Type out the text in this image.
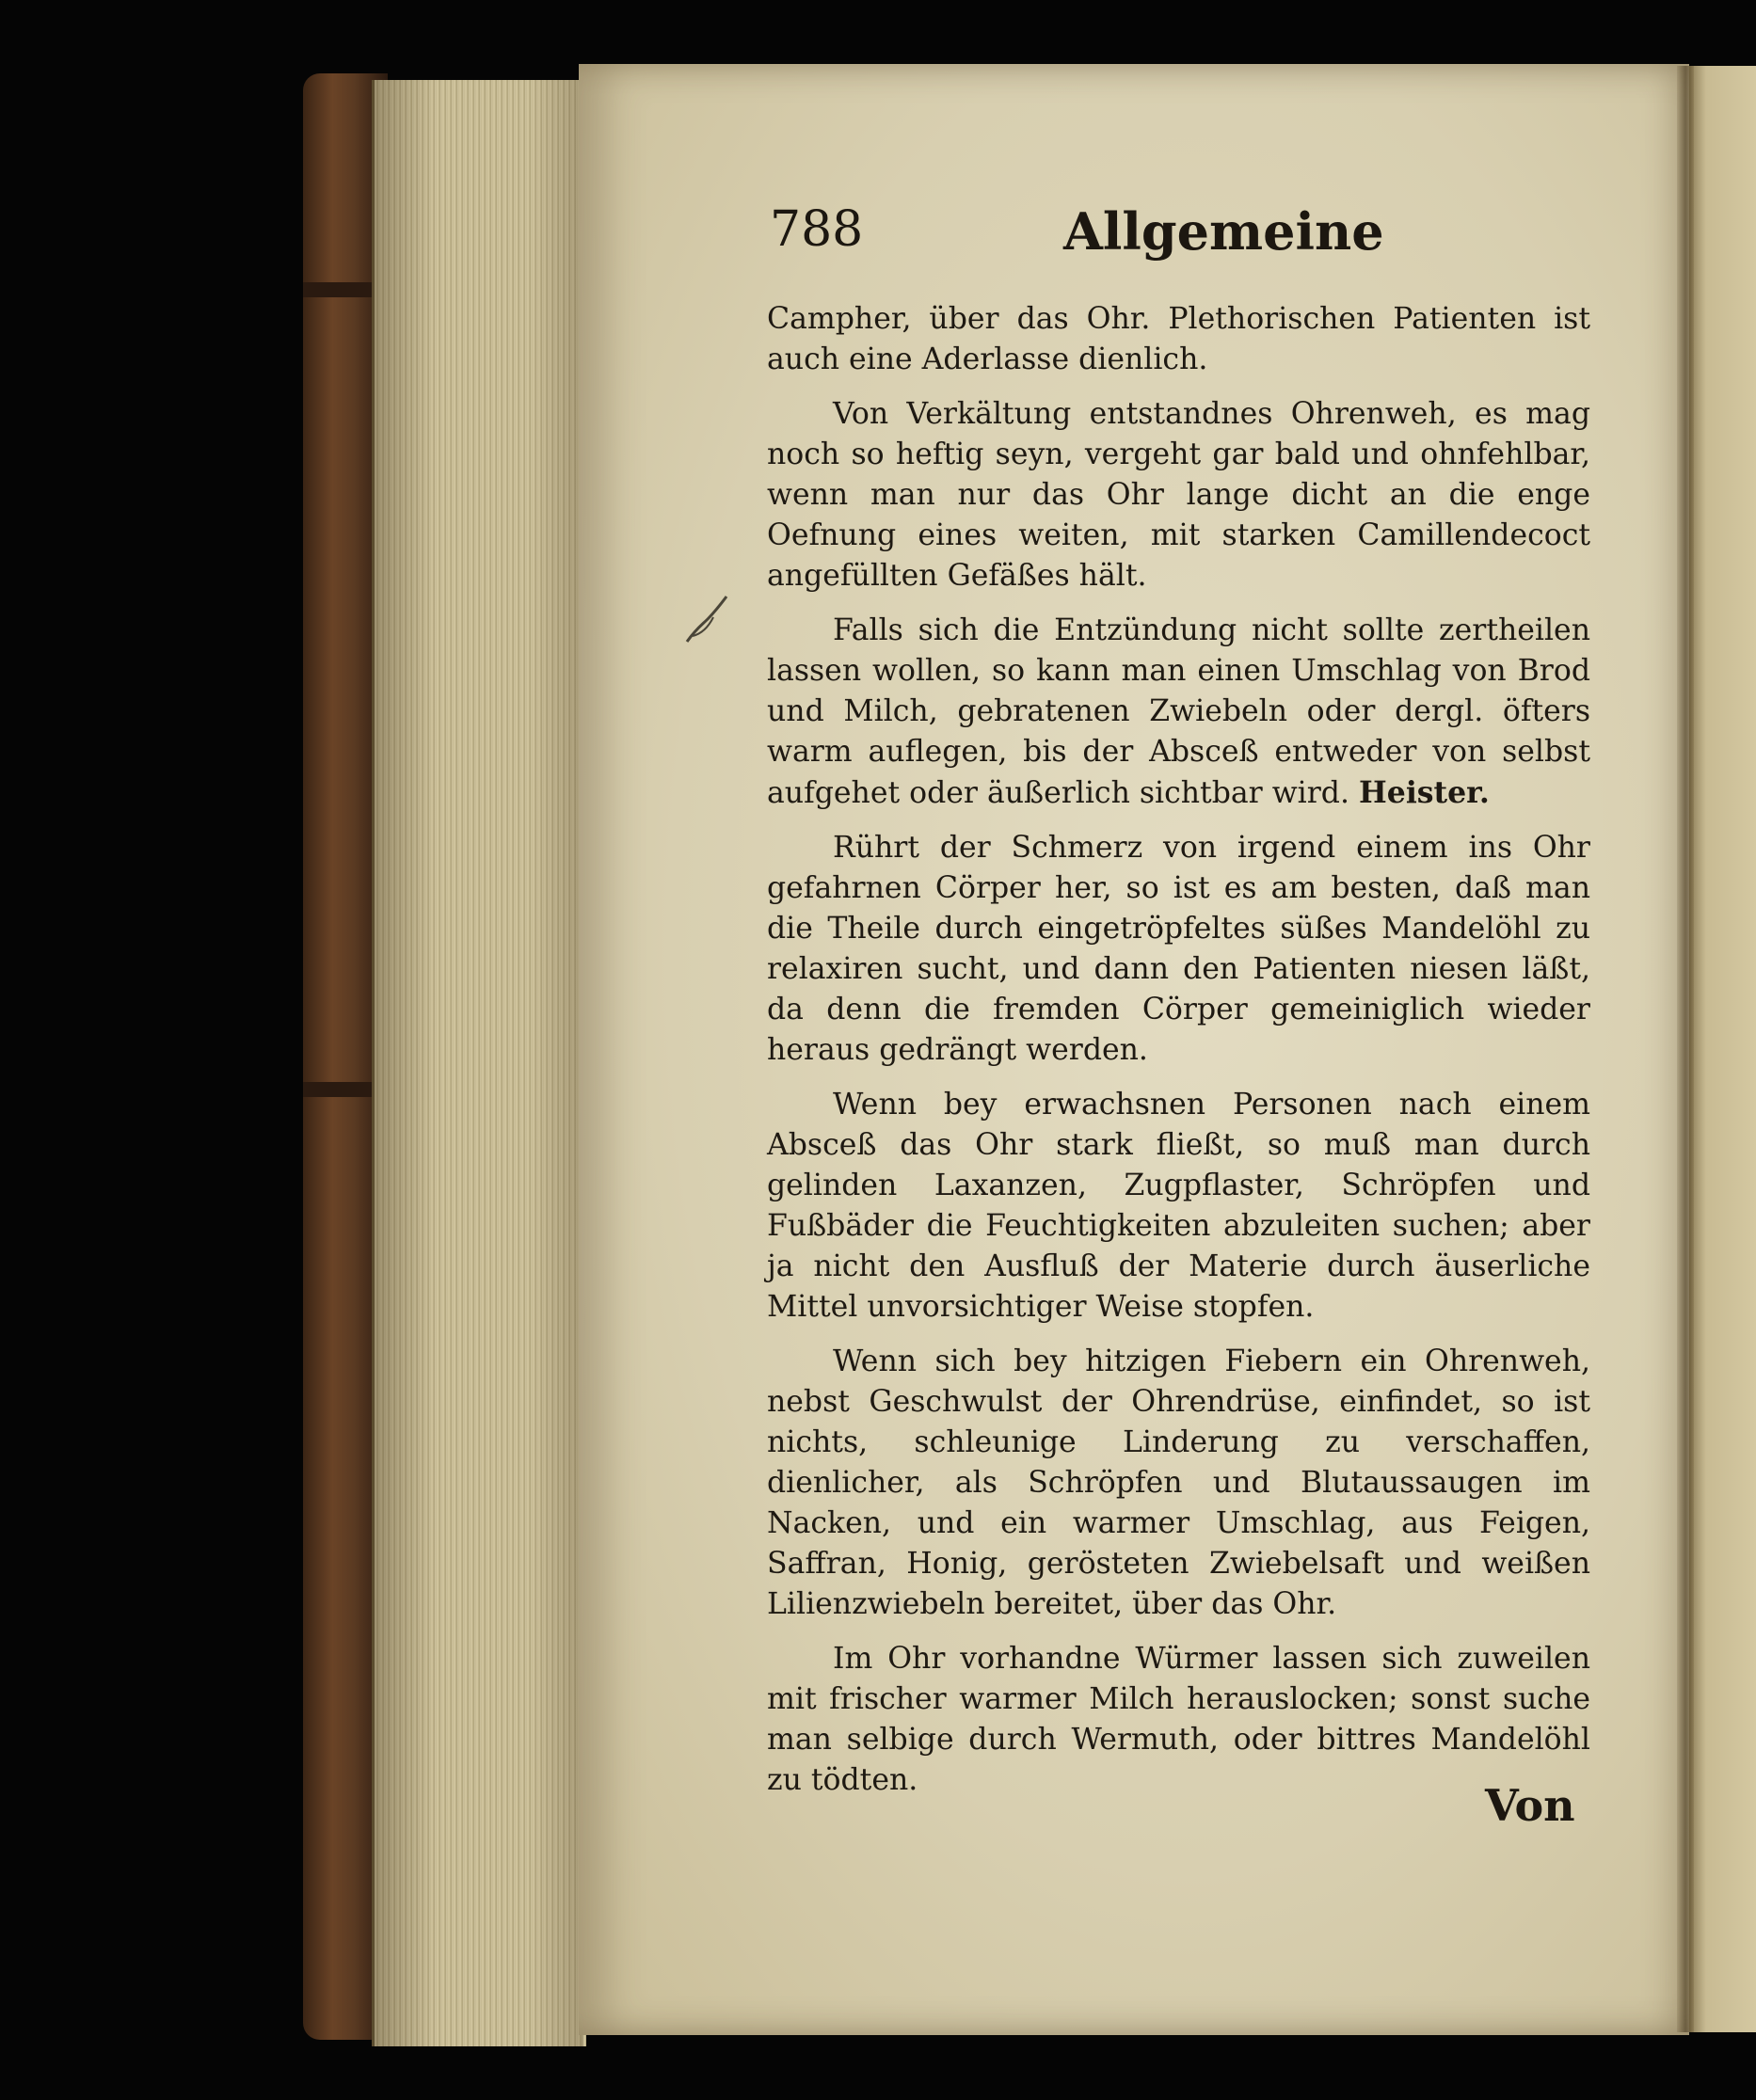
788	Allgemeine

Campher, über das Ohr. Plethorischen Patienten ist auch eine Aderlasse dienlich.

Von Verkältung entstandnes Ohrenweh, es mag noch so heftig seyn, vergeht gar bald und ohnfehlbar, wenn man nur das Ohr lange dicht an die enge Oefnung eines weiten, mit starken Camillendecoct angefüllten Gefäßes hält.

Falls sich die Entzündung nicht sollte zertheilen lassen wollen, so kann man einen Umschlag von Brod und Milch, gebratenen Zwiebeln oder dergl. öfters warm auflegen, bis der Absceß entweder von selbst aufgehet oder äußerlich sichtbar wird. Heister.

Rührt der Schmerz von irgend einem ins Ohr gefahrnen Cörper her, so ist es am besten, daß man die Theile durch eingetröpfeltes süßes Mandelöhl zu relaxiren sucht, und dann den Patienten niesen läßt, da denn die fremden Cörper gemeiniglich wieder heraus gedrängt werden.

Wenn bey erwachsnen Personen nach einem Absceß das Ohr stark fließt, so muß man durch gelinden Laxanzen, Zugpflaster, Schröpfen und Fußbäder die Feuchtigkeiten abzuleiten suchen; aber ja nicht den Ausfluß der Materie durch äuserliche Mittel unvorsichtiger Weise stopfen.

Wenn sich bey hitzigen Fiebern ein Ohrenweh, nebst Geschwulst der Ohrendrüse, einfindet, so ist nichts, schleunige Linderung zu verschaffen, dienlicher, als Schröpfen und Blutaussaugen im Nacken, und ein warmer Umschlag, aus Feigen, Saffran, Honig, gerösteten Zwiebelsaft und weißen Lilienzwiebeln bereitet, über das Ohr.

Im Ohr vorhandne Würmer lassen sich zuweilen mit frischer warmer Milch herauslocken; sonst suche man selbige durch Wermuth, oder bittres Mandelöhl zu tödten.	Von
